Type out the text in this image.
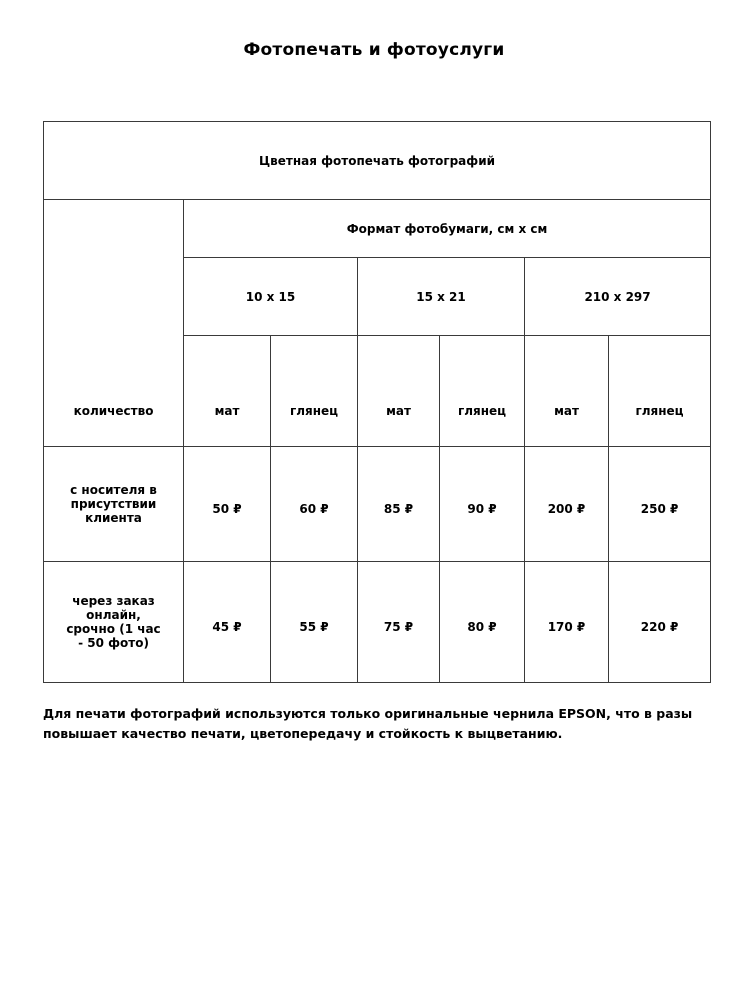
Фотопечать и фотоуслуги
Цветная фотопечать фотографий						
количество	Формат фотобумаги, см х см					
	10 х 15		15 х 21		210 х 297	
	мат	глянец	мат	глянец	мат	глянец
с носителя в присутствии клиента	50 ₽	60 ₽	85 ₽	90 ₽	200 ₽	250 ₽
через заказ онлайн, срочно (1 час - 50 фото)	45 ₽	55 ₽	75 ₽	80 ₽	170 ₽	220 ₽
Для печати фотографий используются только оригинальные чернила EPSON, что в разы повышает качество печати, цветопередачу и стойкость к выцветанию.
